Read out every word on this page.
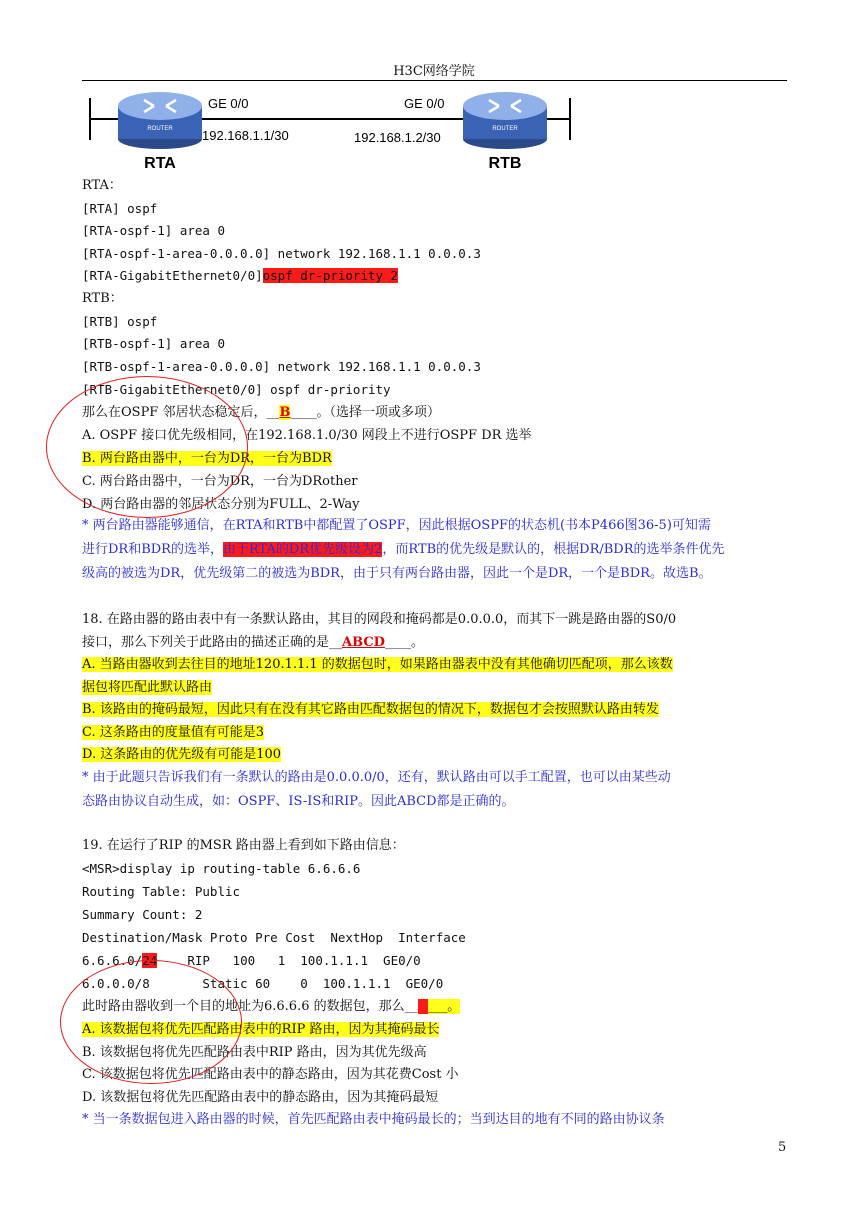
H3C网络学院
ROUTER	ROUTER
GE 0/0
192.168.1.1/30
GE 0/0
192.168.1.2/30
RTA	RTB
RTA：
[RTA] ospf
[RTA-ospf-1] area 0
[RTA-ospf-1-area-0.0.0.0] network 192.168.1.1 0.0.0.3
[RTA-GigabitEthernet0/0]ospf dr-priority 2
RTB：
[RTB] ospf
[RTB-ospf-1] area 0
[RTB-ospf-1-area-0.0.0.0] network 192.168.1.1 0.0.0.3
[RTB-GigabitEthernet0/0] ospf dr-priority
那么在OSPF 邻居状态稳定后，__B____。（选择一项或多项）
A. OSPF 接口优先级相同，在192.168.1.0/30 网段上不进行OSPF DR 选举
B. 两台路由器中，一台为DR，一台为BDR
C. 两台路由器中，一台为DR，一台为DRother
D. 两台路由器的邻居状态分别为FULL、2-Way
* 两台路由器能够通信，在RTA和RTB中都配置了OSPF，因此根据OSPF的状态机(书本P466图36-5)可知需
进行DR和BDR的选举，由于RTA的DR优先级设为2，而RTB的优先级是默认的，根据DR/BDR的选举条件优先
级高的被选为DR，优先级第二的被选为BDR，由于只有两台路由器，因此一个是DR，一个是BDR。故选B。
18. 在路由器的路由表中有一条默认路由，其目的网段和掩码都是0.0.0.0，而其下一跳是路由器的S0/0
接口，那么下列关于此路由的描述正确的是__ABCD____。
A. 当路由器收到去往目的地址120.1.1.1 的数据包时，如果路由器表中没有其他确切匹配项，那么该数
据包将匹配此默认路由
B. 该路由的掩码最短，因此只有在没有其它路由匹配数据包的情况下，数据包才会按照默认路由转发
C. 这条路由的度量值有可能是3
D. 这条路由的优先级有可能是100
* 由于此题只告诉我们有一条默认的路由是0.0.0.0/0，还有，默认路由可以手工配置，也可以由某些动
态路由协议自动生成，如：OSPF、IS-IS和RIP。因此ABCD都是正确的。
19. 在运行了RIP 的MSR 路由器上看到如下路由信息：
<MSR>display ip routing-table 6.6.6.6
Routing Table: Public
Summary Count: 2
Destination/Mask Proto Pre Cost  NextHop  Interface
6.6.6.0/24    RIP   100   1  100.1.1.1  GE0/0
6.0.0.0/8       Static 60    0  100.1.1.1  GE0/0
此时路由器收到一个目的地址为6.6.6.6 的数据包，那么__A___。
A. 该数据包将优先匹配路由表中的RIP 路由，因为其掩码最长
B. 该数据包将优先匹配路由表中RIP 路由，因为其优先级高
C. 该数据包将优先匹配路由表中的静态路由，因为其花费Cost 小
D. 该数据包将优先匹配路由表中的静态路由，因为其掩码最短
* 当一条数据包进入路由器的时候，首先匹配路由表中掩码最长的；当到达目的地有不同的路由协议条
5
